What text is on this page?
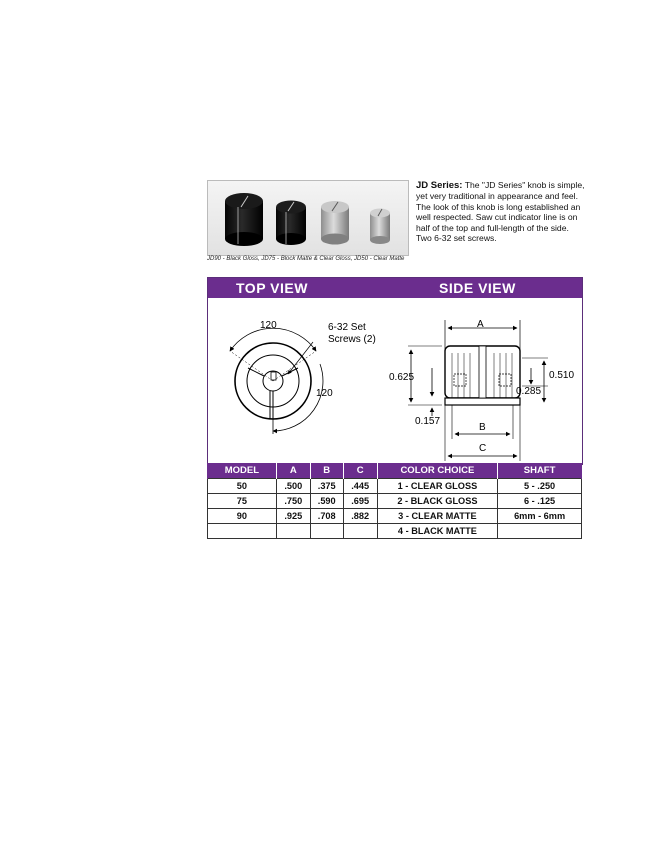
JD90 - Black Gloss, JD75 - Block Matte & Clear Gloss, JD50 - Clear Matte
JD Series: The "JD Series" knob is simple, yet very traditional in appearance and feel. The look of this knob is long established an well respected. Saw cut indicator line is on half of the top and full-length of the side. Two 6-32 set screws.
TOP VIEW	SIDE VIEW
120
120
6-32 Set
Screws (2)
A
B
C
0.625
0.157
0.510
0.285
MODEL	A	B	C	COLOR CHOICE	SHAFT
50	.500	.375	.445	1 - CLEAR GLOSS	5 - .250
75	.750	.590	.695	2 - BLACK GLOSS	6 - .125
90	.925	.708	.882	3 - CLEAR MATTE	6mm - 6mm
				4 - BLACK MATTE	
